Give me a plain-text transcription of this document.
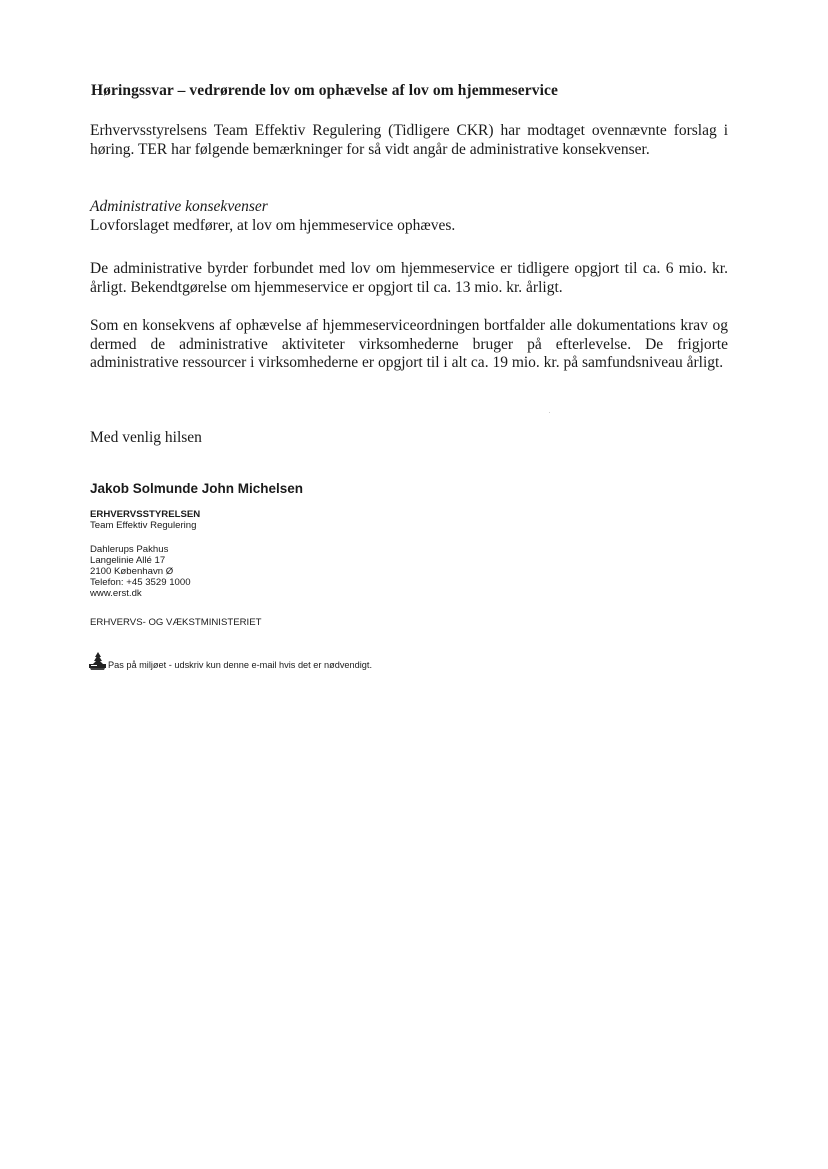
Høringssvar – vedrørende lov om ophævelse af lov om hjemmeservice

Erhvervsstyrelsens Team Effektiv Regulering (Tidligere CKR) har modtaget ovennævnte forslag i høring. TER har følgende bemærkninger for så vidt angår de administrative konsekvenser.

Administrative konsekvenser

Lovforslaget medfører, at lov om hjemmeservice ophæves.

De administrative byrder forbundet med lov om hjemmeservice er tidligere opgjort til ca. 6 mio. kr. årligt. Bekendtgørelse om hjemmeservice er opgjort til ca. 13 mio. kr. årligt.

Som en konsekvens af ophævelse af hjemmeserviceordningen bortfalder alle dokumentations krav og dermed de administrative aktiviteter virksomhederne bruger på efterlevelse. De frigjorte administrative ressourcer i virksomhederne er opgjort til i alt ca. 19 mio. kr. på samfundsniveau årligt.

Med venlig hilsen
Jakob Solmunde John Michelsen
ERHVERVSSTYRELSEN
Team Effektiv Regulering
Dahlerups Pakhus
Langelinie Allé 17
2100 København Ø
Telefon: +45 3529 1000
www.erst.dk
ERHVERVS- OG VÆKSTMINISTERIET
Pas på miljøet - udskriv kun denne e-mail hvis det er nødvendigt.
